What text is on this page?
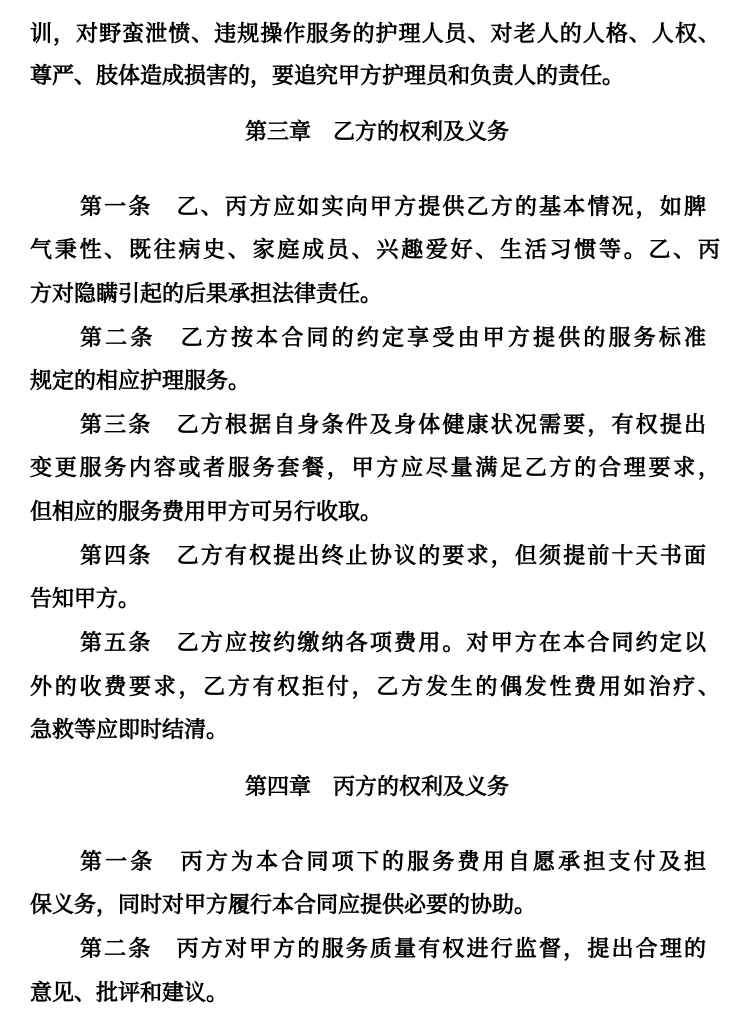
训，对野蛮泄愤、违规操作服务的护理人员、对老人的人格、人权、
尊严、肢体造成损害的，要追究甲方护理员和负责人的责任。
第三章　乙方的权利及义务
第一条　乙、丙方应如实向甲方提供乙方的基本情况，如脾
气秉性、既往病史、家庭成员、兴趣爱好、生活习惯等。乙、丙
方对隐瞒引起的后果承担法律责任。
第二条　乙方按本合同的约定享受由甲方提供的服务标准
规定的相应护理服务。
第三条　乙方根据自身条件及身体健康状况需要，有权提出
变更服务内容或者服务套餐，甲方应尽量满足乙方的合理要求，
但相应的服务费用甲方可另行收取。
第四条　乙方有权提出终止协议的要求，但须提前十天书面
告知甲方。
第五条　乙方应按约缴纳各项费用。对甲方在本合同约定以
外的收费要求，乙方有权拒付，乙方发生的偶发性费用如治疗、
急救等应即时结清。
第四章　丙方的权利及义务
第一条　丙方为本合同项下的服务费用自愿承担支付及担
保义务，同时对甲方履行本合同应提供必要的协助。
第二条　丙方对甲方的服务质量有权进行监督，提出合理的
意见、批评和建议。
